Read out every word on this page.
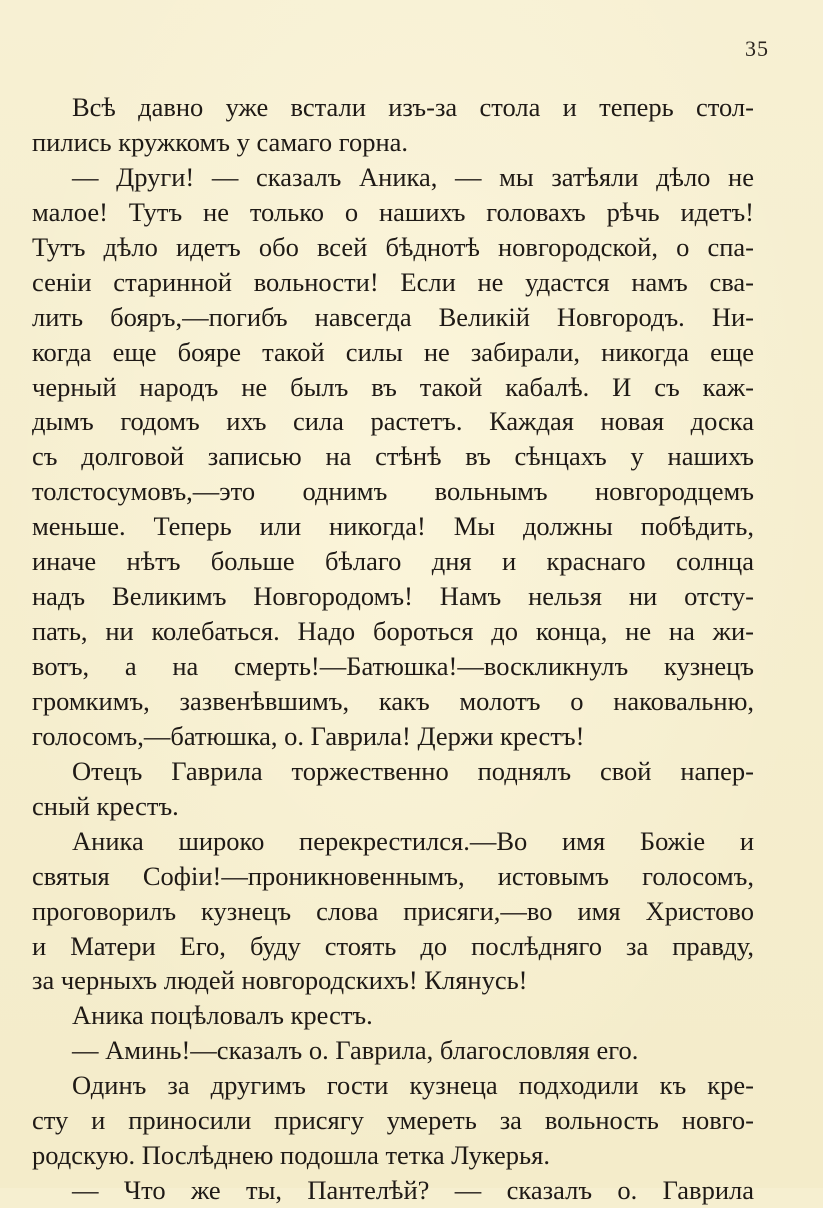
35
Всѣ давно уже встали изъ-за стола и теперь стол-
пились кружкомъ у самаго горна.
— Други! — сказалъ Аника, — мы затѣяли дѣло не
малое! Тутъ не только о нашихъ головахъ рѣчь идетъ!
Тутъ дѣло идетъ обо всей бѣднотѣ новгородской, о спа-
сеніи старинной вольности! Если не удастся намъ сва-
лить бояръ,—погибъ навсегда Великій Новгородъ. Ни-
когда еще бояре такой силы не забирали, никогда еще
черный народъ не былъ въ такой кабалѣ. И съ каж-
дымъ годомъ ихъ сила растетъ. Каждая новая доска
съ долговой записью на стѣнѣ въ сѣнцахъ у нашихъ
толстосумовъ,—это однимъ вольнымъ новгородцемъ
меньше. Теперь или никогда! Мы должны побѣдить,
иначе нѣтъ больше бѣлаго дня и краснаго солнца
надъ Великимъ Новгородомъ! Намъ нельзя ни отсту-
пать, ни колебаться. Надо бороться до конца, не на жи-
вотъ, а на смерть!—Батюшка!—воскликнулъ кузнецъ
громкимъ, зазвенѣвшимъ, какъ молотъ о наковальню,
голосомъ,—батюшка, о. Гаврила! Держи крестъ!
Отецъ Гаврила торжественно поднялъ свой напер-
сный крестъ.
Аника широко перекрестился.—Во имя Божіе и
святыя Софіи!—проникновеннымъ, истовымъ голосомъ,
проговорилъ кузнецъ слова присяги,—во имя Христово
и Матери Его, буду стоять до послѣдняго за правду,
за черныхъ людей новгородскихъ! Клянусь!
Аника поцѣловалъ крестъ.
— Аминь!—сказалъ о. Гаврила, благословляя его.
Одинъ за другимъ гости кузнеца подходили къ кре-
сту и приносили присягу умереть за вольность новго-
родскую. Послѣднею подошла тетка Лукерья.
— Что же ты, Пантелѣй? — сказалъ о. Гаврила
